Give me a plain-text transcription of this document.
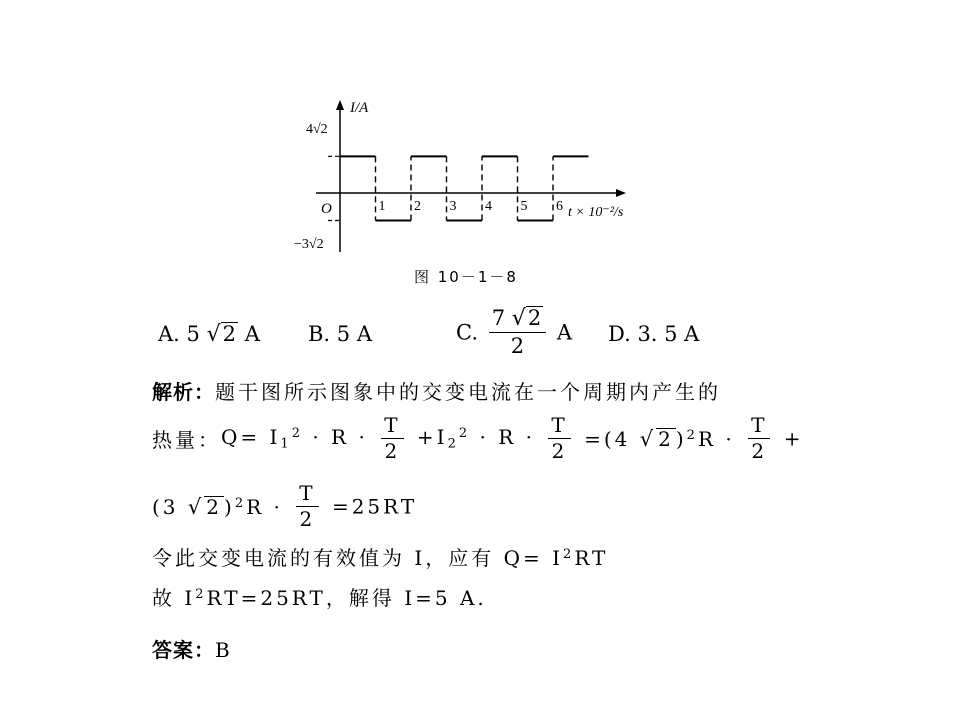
1 2 3 4 5 6
I/A
t × 10⁻²/s
O
4√2
−3√2
图 10－1－8
A. 5 √2 A B. 5 A	C. $\frac{7 √2}{2}$ A D. 3. 5 A
解析：题干图所示图象中的交变电流在一个周期内产生的
热量：$Q= I_1^2 \cdot R \cdot \frac{T}{2} +I_2^2 \cdot R \cdot \frac{T}{2} =(4$ √ 2 )$^2R \cdot \frac{T}{2}$ +
(3 √ 2 )$^2R \cdot \frac{T}{2} =25RT$
令此交变电流的有效值为 I，应有 $Q= I^2RT$
故 $I^2RT=25RT$，解得 I=5 A.
答案：B
